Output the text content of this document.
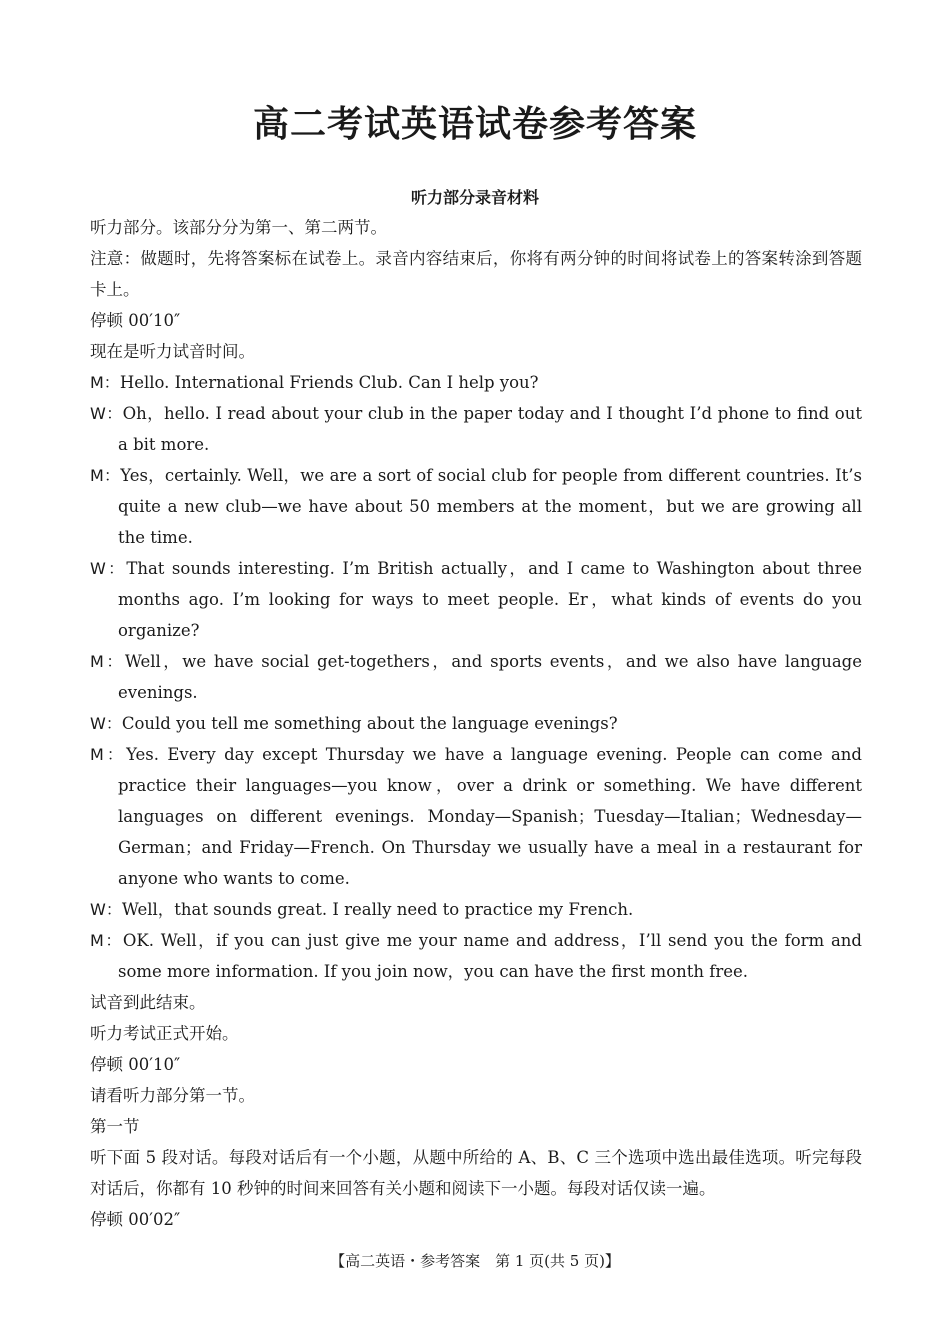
高二考试英语试卷参考答案
听力部分录音材料

听力部分。该部分分为第一、第二两节。

注意：做题时，先将答案标在试卷上。录音内容结束后，你将有两分钟的时间将试卷上的答案转涂到答题卡上。

停顿 00′10″

现在是听力试音时间。

M：Hello. International Friends Club. Can I help you?

W：Oh，hello. I read about your club in the paper today and I thought I’d phone to find out a bit more.

M：Yes，certainly. Well，we are a sort of social club for people from different countries. It’s quite a new club—we have about 50 members at the moment，but we are growing all the time.

W：That sounds interesting. I’m British actually，and I came to Washington about three months ago. I’m looking for ways to meet people. Er，what kinds of events do you organize?

M：Well，we have social get-togethers，and sports events，and we also have language evenings.

W：Could you tell me something about the language evenings?

M：Yes. Every day except Thursday we have a language evening. People can come and practice their languages—you know，over a drink or something. We have different languages on different evenings. Monday—Spanish；Tuesday—Italian；Wednesday—German；and Friday—French. On Thursday we usually have a meal in a restaurant for anyone who wants to come.

W：Well，that sounds great. I really need to practice my French.

M：OK. Well，if you can just give me your name and address，I’ll send you the form and some more information. If you join now，you can have the first month free.

试音到此结束。

听力考试正式开始。

停顿 00′10″

请看听力部分第一节。

第一节

听下面 5 段对话。每段对话后有一个小题，从题中所给的 A、B、C 三个选项中选出最佳选项。听完每段对话后，你都有 10 秒钟的时间来回答有关小题和阅读下一小题。每段对话仅读一遍。

停顿 00′02″

【高二英语・参考答案　第 1 页(共 5 页)】
